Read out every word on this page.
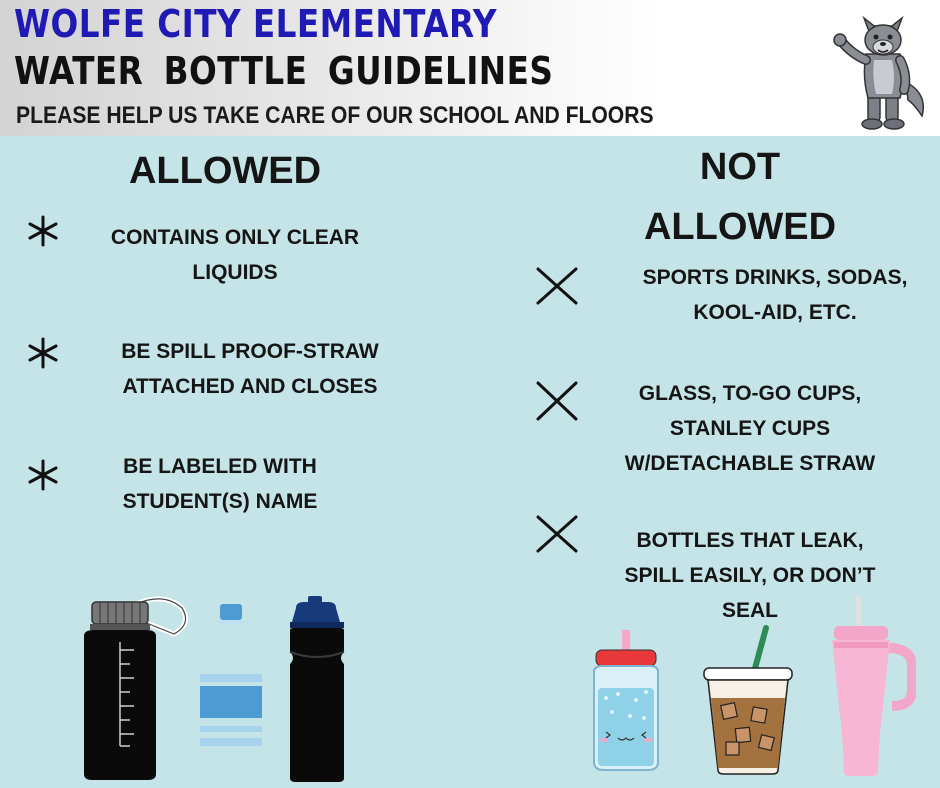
WOLFE CITY ELEMENTARY
WATER BOTTLE GUIDELINES
PLEASE HELP US TAKE CARE OF OUR SCHOOL AND FLOORS
ALLOWED
CONTAINS ONLY CLEAR
LIQUIDS
BE SPILL PROOF-STRAW
ATTACHED AND CLOSES
BE LABELED WITH
STUDENT(S) NAME
NOT
ALLOWED
SPORTS DRINKS, SODAS,
KOOL-AID, ETC.
GLASS, TO-GO CUPS,
STANLEY CUPS
W/DETACHABLE STRAW
BOTTLES THAT LEAK,
SPILL EASILY, OR DON’T
SEAL
